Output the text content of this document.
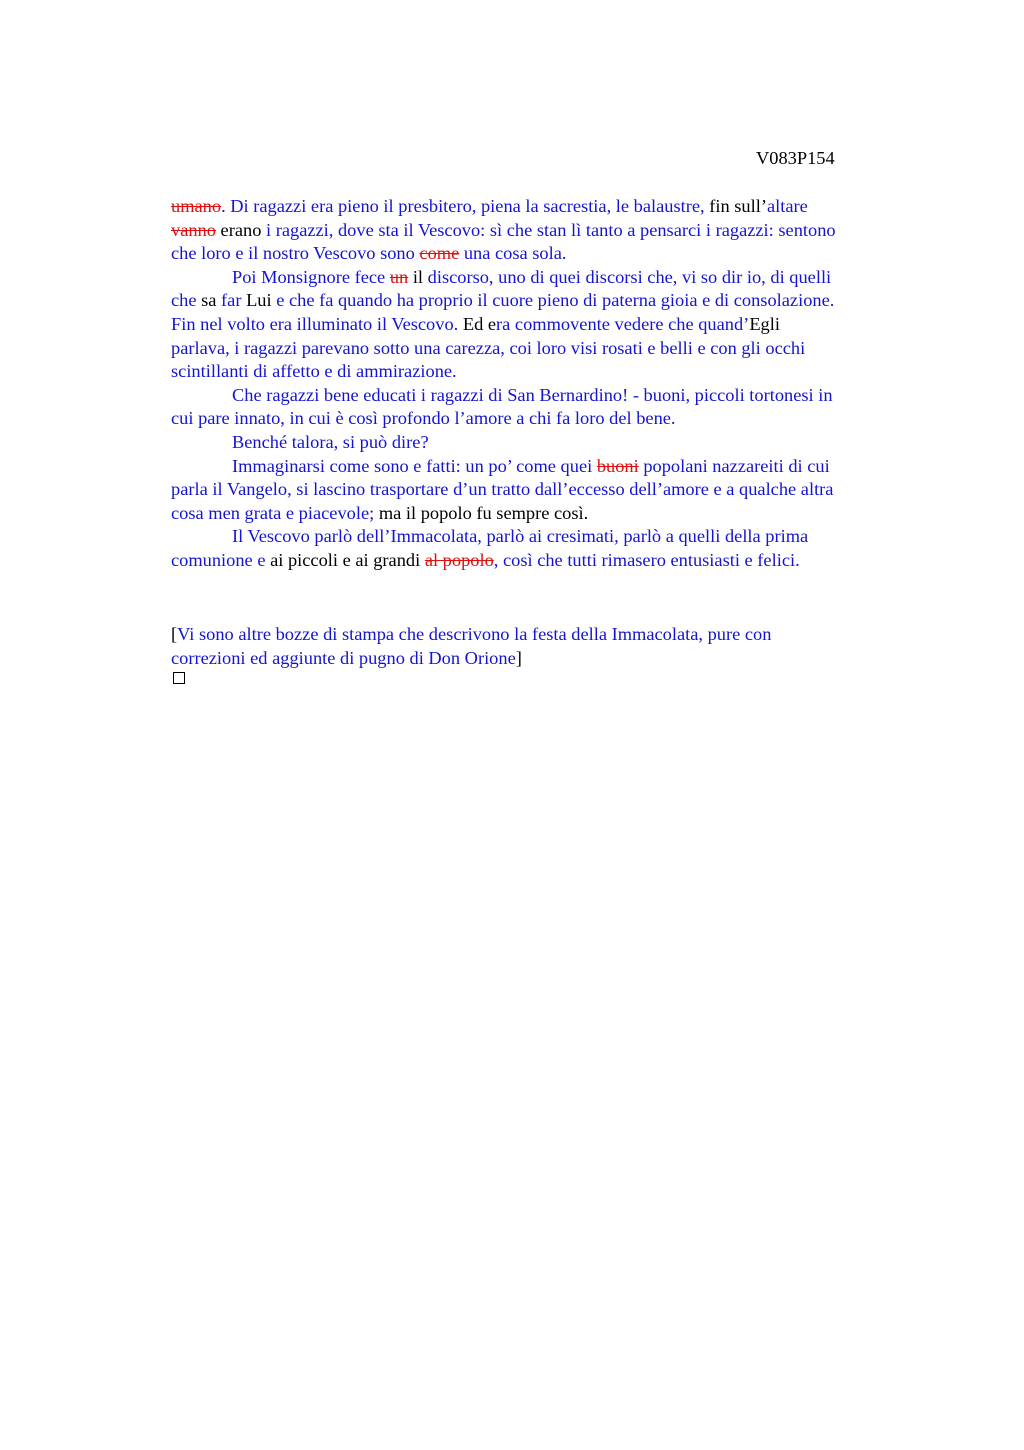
V083P154

umano. Di ragazzi era pieno il presbitero, piena la sacrestia, le balaustre, fin sull’altare

vanno erano i ragazzi, dove sta il Vescovo: sì che stan lì tanto a pensarci i ragazzi: sentono

che loro e il nostro Vescovo sono come una cosa sola.

Poi Monsignore fece un il discorso, uno di quei discorsi che, vi so dir io, di quelli

che sa far Lui e che fa quando ha proprio il cuore pieno di paterna gioia e di consolazione.

Fin nel volto era illuminato il Vescovo. Ed era commovente vedere che quand’Egli

parlava, i ragazzi parevano sotto una carezza, coi loro visi rosati e belli e con gli occhi

scintillanti di affetto e di ammirazione.

Che ragazzi bene educati i ragazzi di San Bernardino! - buoni, piccoli tortonesi in

cui pare innato, in cui è così profondo l’amore a chi fa loro del bene.

Benché talora, si può dire?

Immaginarsi come sono e fatti: un po’ come quei buoni popolani nazzareiti di cui

parla il Vangelo, si lascino trasportare d’un tratto dall’eccesso dell’amore e a qualche altra

cosa men grata e piacevole; ma il popolo fu sempre così.

Il Vescovo parlò dell’Immacolata, parlò ai cresimati, parlò a quelli della prima

comunione e ai piccoli e ai grandi al popolo, così che tutti rimasero entusiasti e felici.

[Vi sono altre bozze di stampa che descrivono la festa della Immacolata, pure con

correzioni ed aggiunte di pugno di Don Orione]
